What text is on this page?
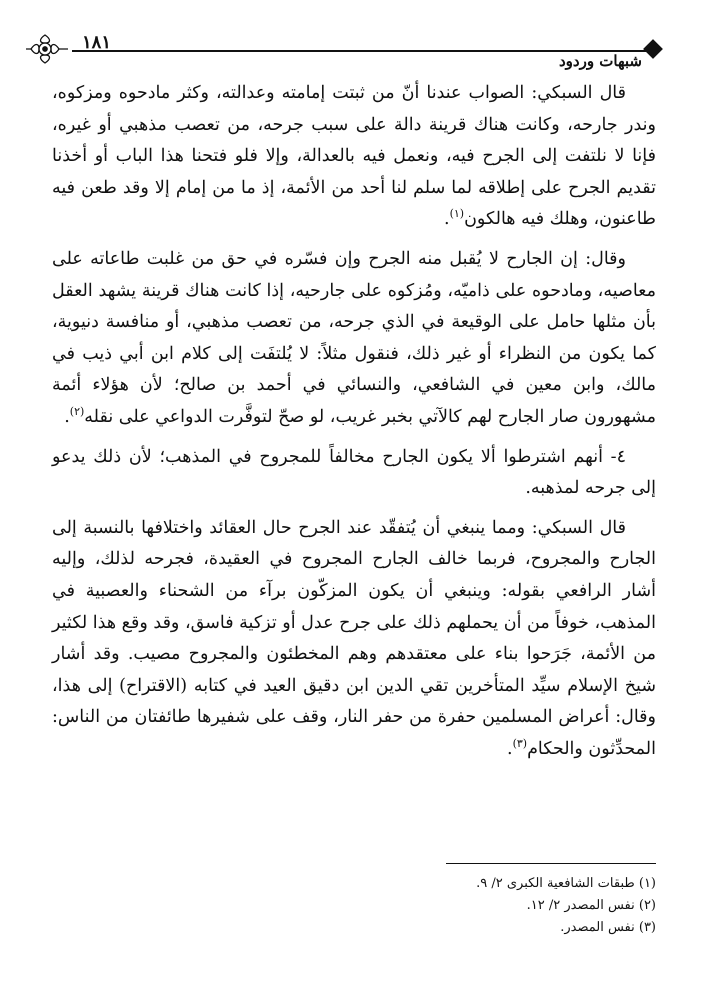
١٨١
شبهات وردود

قال السبكي: الصواب عندنا أنّ من ثبتت إمامته وعدالته، وكثر مادحوه ومزكوه، وندر جارحه، وكانت هناك قرينة دالة على سبب جرحه، من تعصب مذهبي أو غيره، فإنا لا نلتفت إلى الجرح فيه، ونعمل فيه بالعدالة، وإلا فلو فتحنا هذا الباب أو أخذنا تقديم الجرح على إطلاقه لما سلم لنا أحد من الأئمة، إذ ما من إمام إلا وقد طعن فيه طاعنون، وهلك فيه هالكون$^{(١)}$.

وقال: إن الجارح لا يُقبل منه الجرح وإن فسّره في حق من غلبت طاعاته على معاصيه، ومادحوه على ذاميّه، ومُزكوه على جارحيه، إذا كانت هناك قرينة يشهد العقل بأن مثلها حامل على الوقيعة في الذي جرحه، من تعصب مذهبي، أو منافسة دنيوية، كما يكون من النظراء أو غير ذلك، فنقول مثلاً: لا يُلتفَت إلى كلام ابن أبي ذيب في مالك، وابن معين في الشافعي، والنسائي في أحمد بن صالح؛ لأن هؤلاء أئمة مشهورون صار الجارح لهم كالآتي بخبر غريب، لو صحّ لتوفَّرت الدواعي على نقله$^{(٢)}$.

٤- أنهم اشترطوا ألا يكون الجارح مخالفاً للمجروح في المذهب؛ لأن ذلك يدعو إلى جرحه لمذهبه.

قال السبكي: ومما ينبغي أن يُتفقّد عند الجرح حال العقائد واختلافها بالنسبة إلى الجارح والمجروح، فربما خالف الجارح المجروح في العقيدة، فجرحه لذلك، وإليه أشار الرافعي بقوله: وينبغي أن يكون المزكّون برآء من الشحناء والعصبية في المذهب، خوفاً من أن يحملهم ذلك على جرح عدل أو تزكية فاسق، وقد وقع هذا لكثير من الأئمة، جَرَحوا بناء على معتقدهم وهم المخطئون والمجروح مصيب. وقد أشار شيخ الإسلام سيِّد المتأخرين تقي الدين ابن دقيق العيد في كتابه (الاقتراح) إلى هذا، وقال: أعراض المسلمين حفرة من حفر النار، وقف على شفيرها طائفتان من الناس: المحدِّثون والحكام$^{(٣)}$.

(١) طبقات الشافعية الكبرى ٢/ ٩.
(٢) نفس المصدر ٢/ ١٢.
(٣) نفس المصدر.
